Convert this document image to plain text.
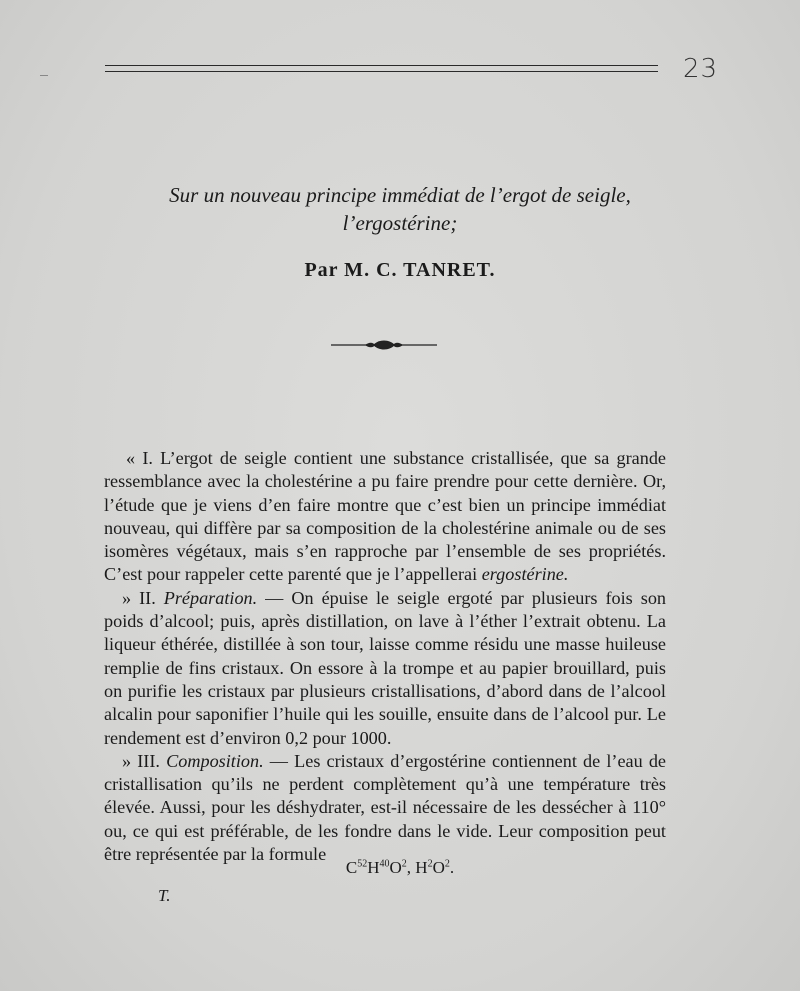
23
Sur un nouveau principe immédiat de l’ergot de seigle,
l’ergostérine;
Par M. C. TANRET.

« I. L’ergot de seigle contient une substance cristallisée, que sa grande ressemblance avec la cholestérine a pu faire prendre pour cette dernière. Or, l’étude que je viens d’en faire montre que c’est bien un principe immédiat nouveau, qui diffère par sa composition de la cholestérine animale ou de ses isomères végétaux, mais s’en rapproche par l’ensemble de ses propriétés. C’est pour rappeler cette parenté que je l’appellerai ergostérine.

» II. Préparation. — On épuise le seigle ergoté par plusieurs fois son poids d’alcool; puis, après distillation, on lave à l’éther l’extrait obtenu. La liqueur éthérée, distillée à son tour, laisse comme résidu une masse huileuse remplie de fins cristaux. On essore à la trompe et au papier brouillard, puis on purifie les cristaux par plusieurs cristallisations, d’abord dans de l’alcool alcalin pour saponifier l’huile qui les souille, ensuite dans de l’alcool pur. Le rendement est d’environ 0,2 pour 1000.

» III. Composition. — Les cristaux d’ergostérine contiennent de l’eau de cristallisation qu’ils ne perdent complètement qu’à une température très élevée. Aussi, pour les déshydrater, est-il nécessaire de les dessécher à 110° ou, ce qui est préférable, de les fondre dans le vide. Leur composition peut être représentée par la formule

$C^{52}H^{40}O^2$, $H^2O^2$.
T.
